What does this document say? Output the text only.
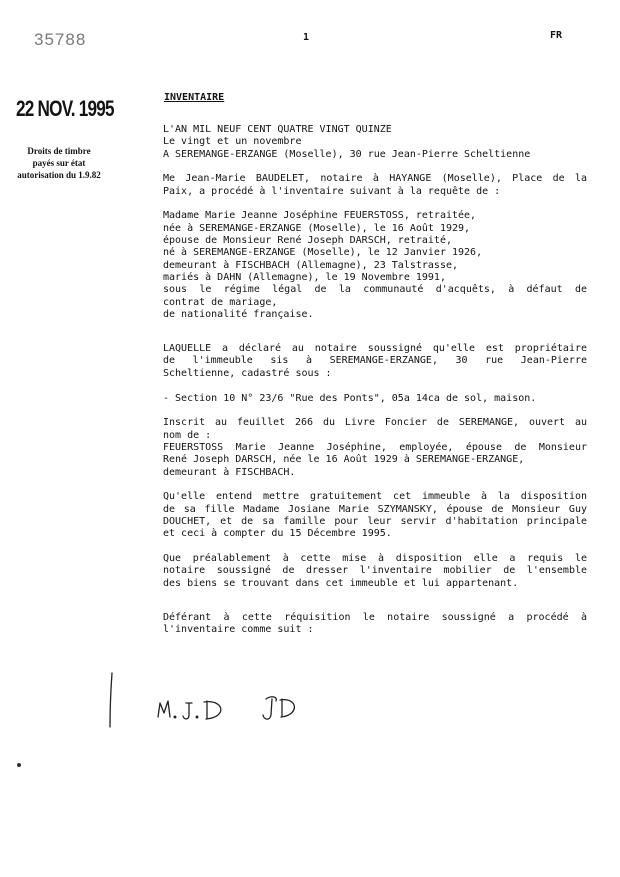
35788	1	FR
22 NOV. 1995
Droits de timbre
payés sur état
autorisation du 1.9.82
INVENTAIRE
L'AN MIL NEUF CENT QUATRE VINGT QUINZE
Le vingt et un novembre
A SEREMANGE-ERZANGE (Moselle), 30 rue Jean-Pierre Scheltienne
Me Jean-Marie BAUDELET, notaire à HAYANGE (Moselle), Place de la
Paix, a procédé à l'inventaire suivant à la requête de :
Madame Marie Jeanne Joséphine FEUERSTOSS, retraitée,
née à SEREMANGE-ERZANGE (Moselle), le 16 Août 1929,
épouse de Monsieur René Joseph DARSCH, retraité,
né à SEREMANGE-ERZANGE (Moselle), le 12 Janvier 1926,
demeurant à FISCHBACH (Allemagne), 23 Talstrasse,
mariés à DAHN (Allemagne), le 19 Novembre 1991,
sous le régime légal de la communauté d'acquêts, à défaut de
contrat de mariage,
de nationalité française.
LAQUELLE a déclaré au notaire soussigné qu'elle est propriétaire
de l'immeuble sis à SEREMANGE-ERZANGE, 30 rue Jean-Pierre
Scheltienne, cadastré sous :
- Section 10 N° 23/6 "Rue des Ponts", 05a 14ca de sol, maison.
Inscrit au feuillet 266 du Livre Foncier de SEREMANGE, ouvert au
nom de :
FEUERSTOSS Marie Jeanne Joséphine, employée, épouse de Monsieur
René Joseph DARSCH, née le 16 Août 1929 à SEREMANGE-ERZANGE,
demeurant à FISCHBACH.
Qu'elle entend mettre gratuitement cet immeuble à la disposition
de sa fille Madame Josiane Marie SZYMANSKY, épouse de Monsieur Guy
DOUCHET, et de sa famille pour leur servir d'habitation principale
et ceci à compter du 15 Décembre 1995.
Que préalablement à cette mise à disposition elle a requis le
notaire soussigné de dresser l'inventaire mobilier de l'ensemble
des biens se trouvant dans cet immeuble et lui appartenant.
Déférant à cette réquisition le notaire soussigné a procédé à
l'inventaire comme suit :
